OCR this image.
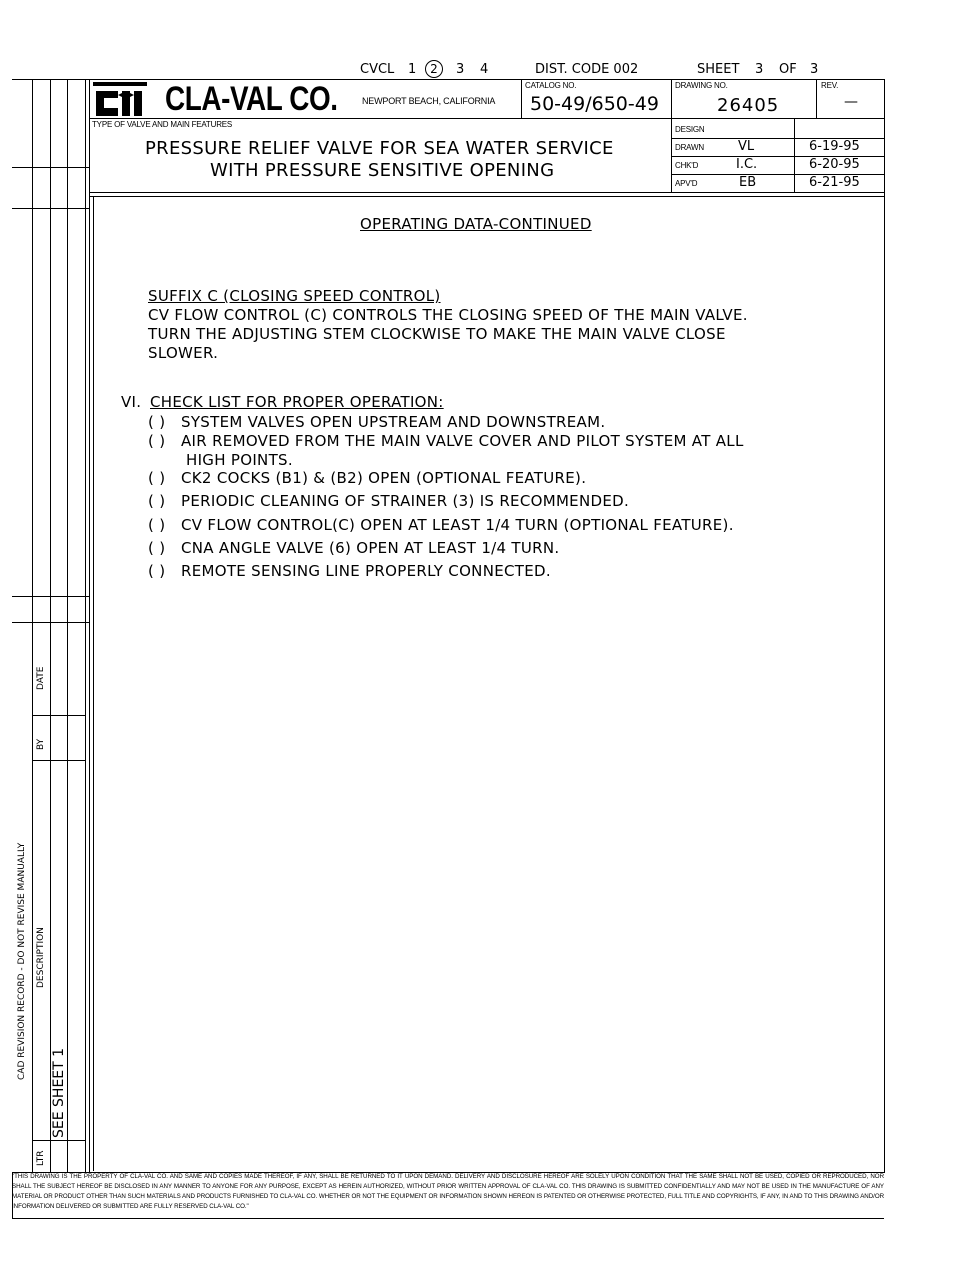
CVCL 1	2	3 4	DIST. CODE 002	SHEET 3 OF 3
CLA-VAL CO.	NEWPORT BEACH, CALIFORNIA
CATALOG NO.
50-49/650-49
DRAWING NO.
26405
REV.
—
TYPE OF VALVE AND MAIN FEATURES
PRESSURE RELIEF VALVE FOR SEA WATER SERVICE
WITH PRESSURE SENSITIVE OPENING
DESIGN
DRAWN	VL	6-19-95
CHK'D	I.C.	6-20-95
APV'D	EB	6-21-95
CAD REVISION RECORD - DO NOT REVISE MANUALLY
DATE
BY
DESCRIPTION
LTR
SEE SHEET 1
OPERATING DATA-CONTINUED
SUFFIX C (CLOSING SPEED CONTROL)
CV FLOW CONTROL (C) CONTROLS THE CLOSING SPEED OF THE MAIN VALVE.
TURN THE ADJUSTING STEM CLOCKWISE TO MAKE THE MAIN VALVE CLOSE
SLOWER.
VI. CHECK LIST FOR PROPER OPERATION:
( ) SYSTEM VALVES OPEN UPSTREAM AND DOWNSTREAM.
( ) AIR REMOVED FROM THE MAIN VALVE COVER AND PILOT SYSTEM AT ALL
HIGH POINTS.
( ) CK2 COCKS (B1) & (B2) OPEN (OPTIONAL FEATURE).
( ) PERIODIC CLEANING OF STRAINER (3) IS RECOMMENDED.
( ) CV FLOW CONTROL(C) OPEN AT LEAST 1/4 TURN (OPTIONAL FEATURE).
( ) CNA ANGLE VALVE (6) OPEN AT LEAST 1/4 TURN.
( ) REMOTE SENSING LINE PROPERLY CONNECTED.
"THIS DRAWING IS THE PROPERTY OF CLA-VAL CO. AND SAME AND COPIES MADE THEREOF, IF ANY, SHALL BE RETURNED TO IT UPON DEMAND. DELIVERY AND DISCLOSURE HEREOF ARE SOLELY UPON CONDITION THAT THE SAME SHALL NOT BE USED, COPIED OR REPRODUCED, NOR SHALL THE SUBJECT HEREOF BE DISCLOSED IN ANY MANNER TO ANYONE FOR ANY PURPOSE, EXCEPT AS HEREIN AUTHORIZED, WITHOUT PRIOR WRITTEN APPROVAL OF CLA-VAL CO. THIS DRAWING IS SUBMITTED CONFIDENTIALLY AND MAY NOT BE USED IN THE MANUFACTURE OF ANY MATERIAL OR PRODUCT OTHER THAN SUCH MATERIALS AND PRODUCTS FURNISHED TO CLA-VAL CO. WHETHER OR NOT THE EQUIPMENT OR INFORMATION SHOWN HEREON IS PATENTED OR OTHERWISE PROTECTED, FULL TITLE AND COPYRIGHTS, IF ANY, IN AND TO THIS DRAWING AND/OR INFORMATION DELIVERED OR SUBMITTED ARE FULLY RESERVED CLA-VAL CO."
